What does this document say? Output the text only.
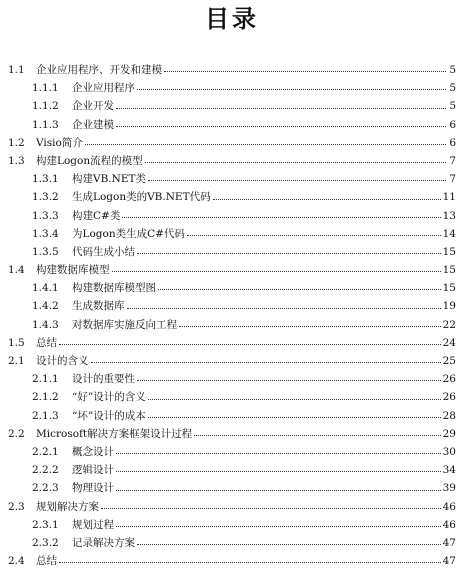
目录
1.1	企业应用程序、开发和建模	5
1.1.1	企业应用程序	5
1.1.2	企业开发	5
1.1.3	企业建模	6
1.2	Visio简介	6
1.3	构建Logon流程的模型	7
1.3.1	构建VB.NET类	7
1.3.2	生成Logon类的VB.NET代码	11
1.3.3	构建C#类	13
1.3.4	为Logon类生成C#代码	14
1.3.5	代码生成小结	15
1.4	构建数据库模型	15
1.4.1	构建数据库模型图	15
1.4.2	生成数据库	19
1.4.3	对数据库实施反向工程	22
1.5	总结	24
2.1	设计的含义	25
2.1.1	设计的重要性	26
2.1.2	“好”设计的含义	26
2.1.3	“坏”设计的成本	28
2.2	Microsoft解决方案框架设计过程	29
2.2.1	概念设计	30
2.2.2	逻辑设计	34
2.2.3	物理设计	39
2.3	规划解决方案	46
2.3.1	规划过程	46
2.3.2	记录解决方案	47
2.4	总结	47
